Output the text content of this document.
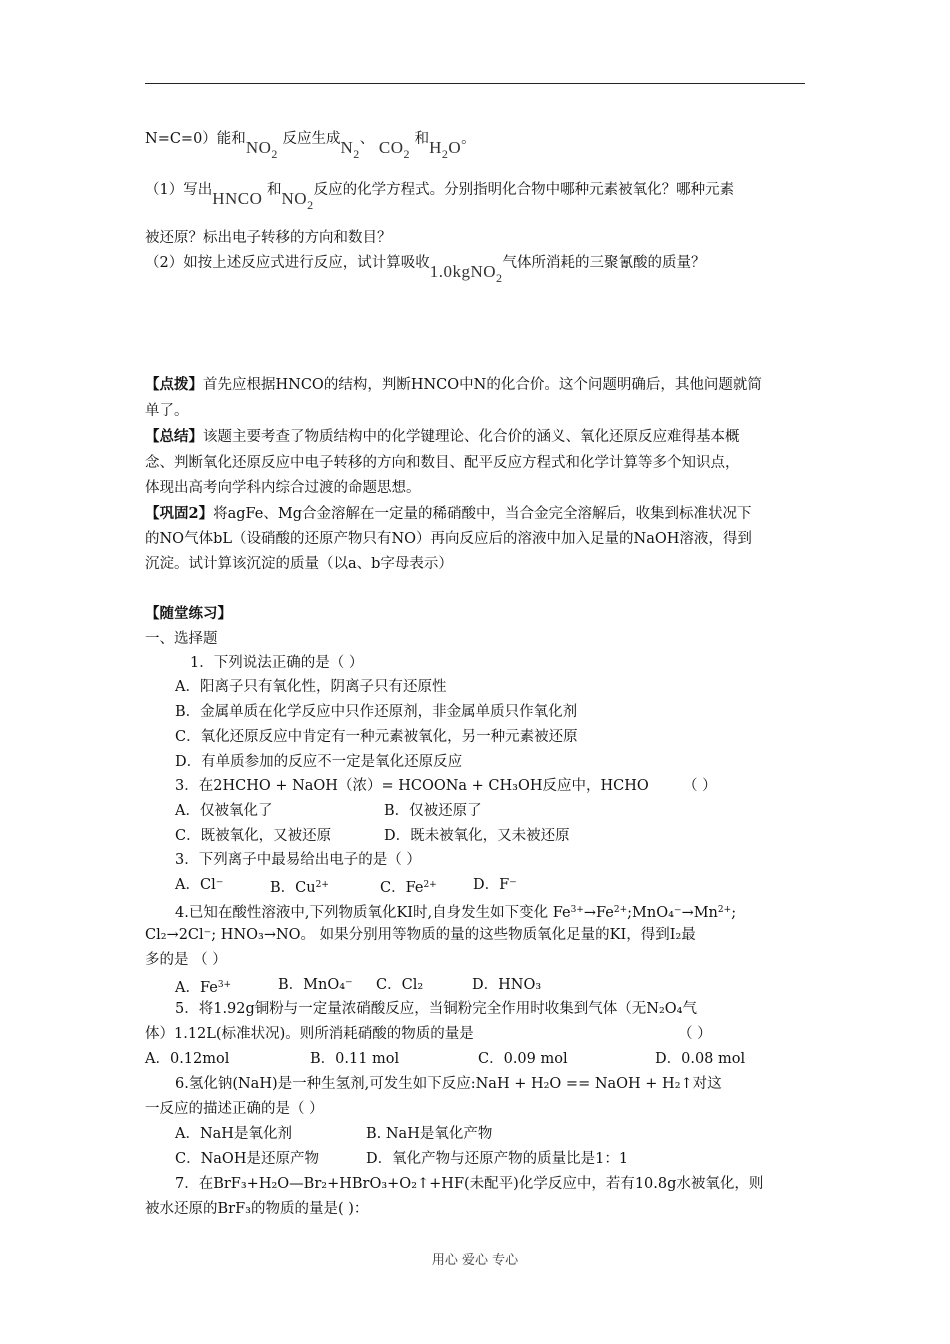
N=C=0）能和$NO_2$ 反应生成$N_2$、 $CO_2$ 和$H_2O$。
（1）写出HNCO 和$NO_2$反应的化学方程式。分别指明化合物中哪种元素被氧化？哪种元素
被还原？标出电子转移的方向和数目？
（2）如按上述反应式进行反应，试计算吸收1.0kgNO$_2$气体所消耗的三聚氰酸的质量？
【点拨】首先应根据HNCO的结构，判断HNCO中N的化合价。这个问题明确后，其他问题就简
单了。
【总结】该题主要考查了物质结构中的化学键理论、化合价的涵义、氧化还原反应难得基本概
念、判断氧化还原反应中电子转移的方向和数目、配平反应方程式和化学计算等多个知识点，
体现出高考向学科内综合过渡的命题思想。
【巩固2】将agFe、Mg合金溶解在一定量的稀硝酸中，当合金完全溶解后，收集到标准状况下
的NO气体bL（设硝酸的还原产物只有NO）再向反应后的溶液中加入足量的NaOH溶液，得到
沉淀。试计算该沉淀的质量（以a、b字母表示）
【随堂练习】
一、选择题
1．下列说法正确的是（ ）
A．阳离子只有氧化性，阴离子只有还原性
B．金属单质在化学反应中只作还原剂，非金属单质只作氧化剂
C．氧化还原反应中肯定有一种元素被氧化，另一种元素被还原
D．有单质参加的反应不一定是氧化还原反应
3．在2HCHO + NaOH（浓）= HCOONa + CH₃OH反应中，HCHO （ ）
A．仅被氧化了	B．仅被还原了
C．既被氧化，又被还原	D．既未被氧化，又未被还原
3．下列离子中最易给出电子的是（ ）
A．Cl⁻	B．$Cu^{2+}$	C．$Fe^{2+}$	D．F⁻
4.已知在酸性溶液中,下列物质氧化KI时,自身发生如下变化 $Fe^{3+}\to Fe^{2+};MnO_4^-\to Mn^{2+}$;
Cl₂→2Cl⁻; HNO₃→NO。 如果分别用等物质的量的这些物质氧化足量的KI，得到I₂最
多的是 （ ）
A．$Fe^{3+}$	B．MnO₄⁻ C．Cl₂	D．HNO₃
5．将1.92g铜粉与一定量浓硝酸反应，当铜粉完全作用时收集到气体（无N₂O₄气
体）1.12L(标准状况)。则所消耗硝酸的物质的量是	（ ）
A．0.12mol	B．0.11 mol	C．0.09 mol	D．0.08 mol
6.氢化钠(NaH)是一种生氢剂,可发生如下反应:NaH + H₂O == NaOH + H₂↑对这
一反应的描述正确的是（ ）
A．NaH是氧化剂	B. NaH是氧化产物
C．NaOH是还原产物	D．氧化产物与还原产物的质量比是1：1
7．在BrF₃+H₂O—Br₂+HBrO₃+O₂↑+HF(未配平)化学反应中，若有10.8g水被氧化，则
被水还原的BrF₃的物质的量是( )：
用心 爱心 专心
